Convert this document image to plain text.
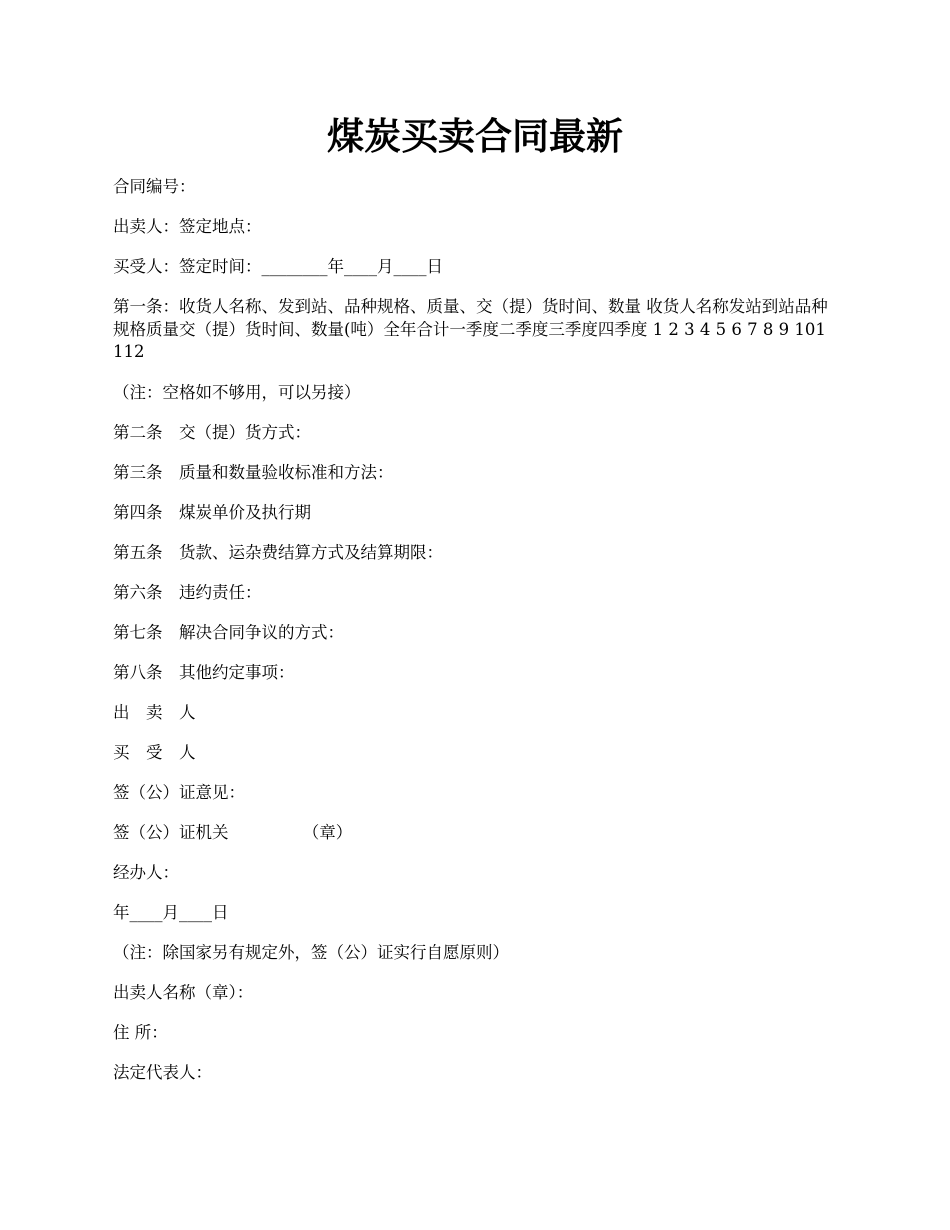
煤炭买卖合同最新

合同编号：

出卖人：签定地点：

买受人：签定时间：________年____月____日

第一条：收货人名称、发到站、品种规格、质量、交（提）货时间、数量 收货人名称发站到站品种规格质量交（提）货时间、数量(吨）全年合计一季度二季度三季度四季度 1 2 3 4 5 6 7 8 9 101112

（注：空格如不够用，可以另接）

第二条　交（提）货方式：

第三条　质量和数量验收标准和方法：

第四条　煤炭单价及执行期

第五条　货款、运杂费结算方式及结算期限：

第六条　违约责任：

第七条　解决合同争议的方式：

第八条　其他约定事项：

出　卖　人

买　受　人

签（公）证意见：

签（公）证机关　　　　　（章）

经办人：

年____月____日

（注：除国家另有规定外，签（公）证实行自愿原则）

出卖人名称（章）：

住 所：

法定代表人：
